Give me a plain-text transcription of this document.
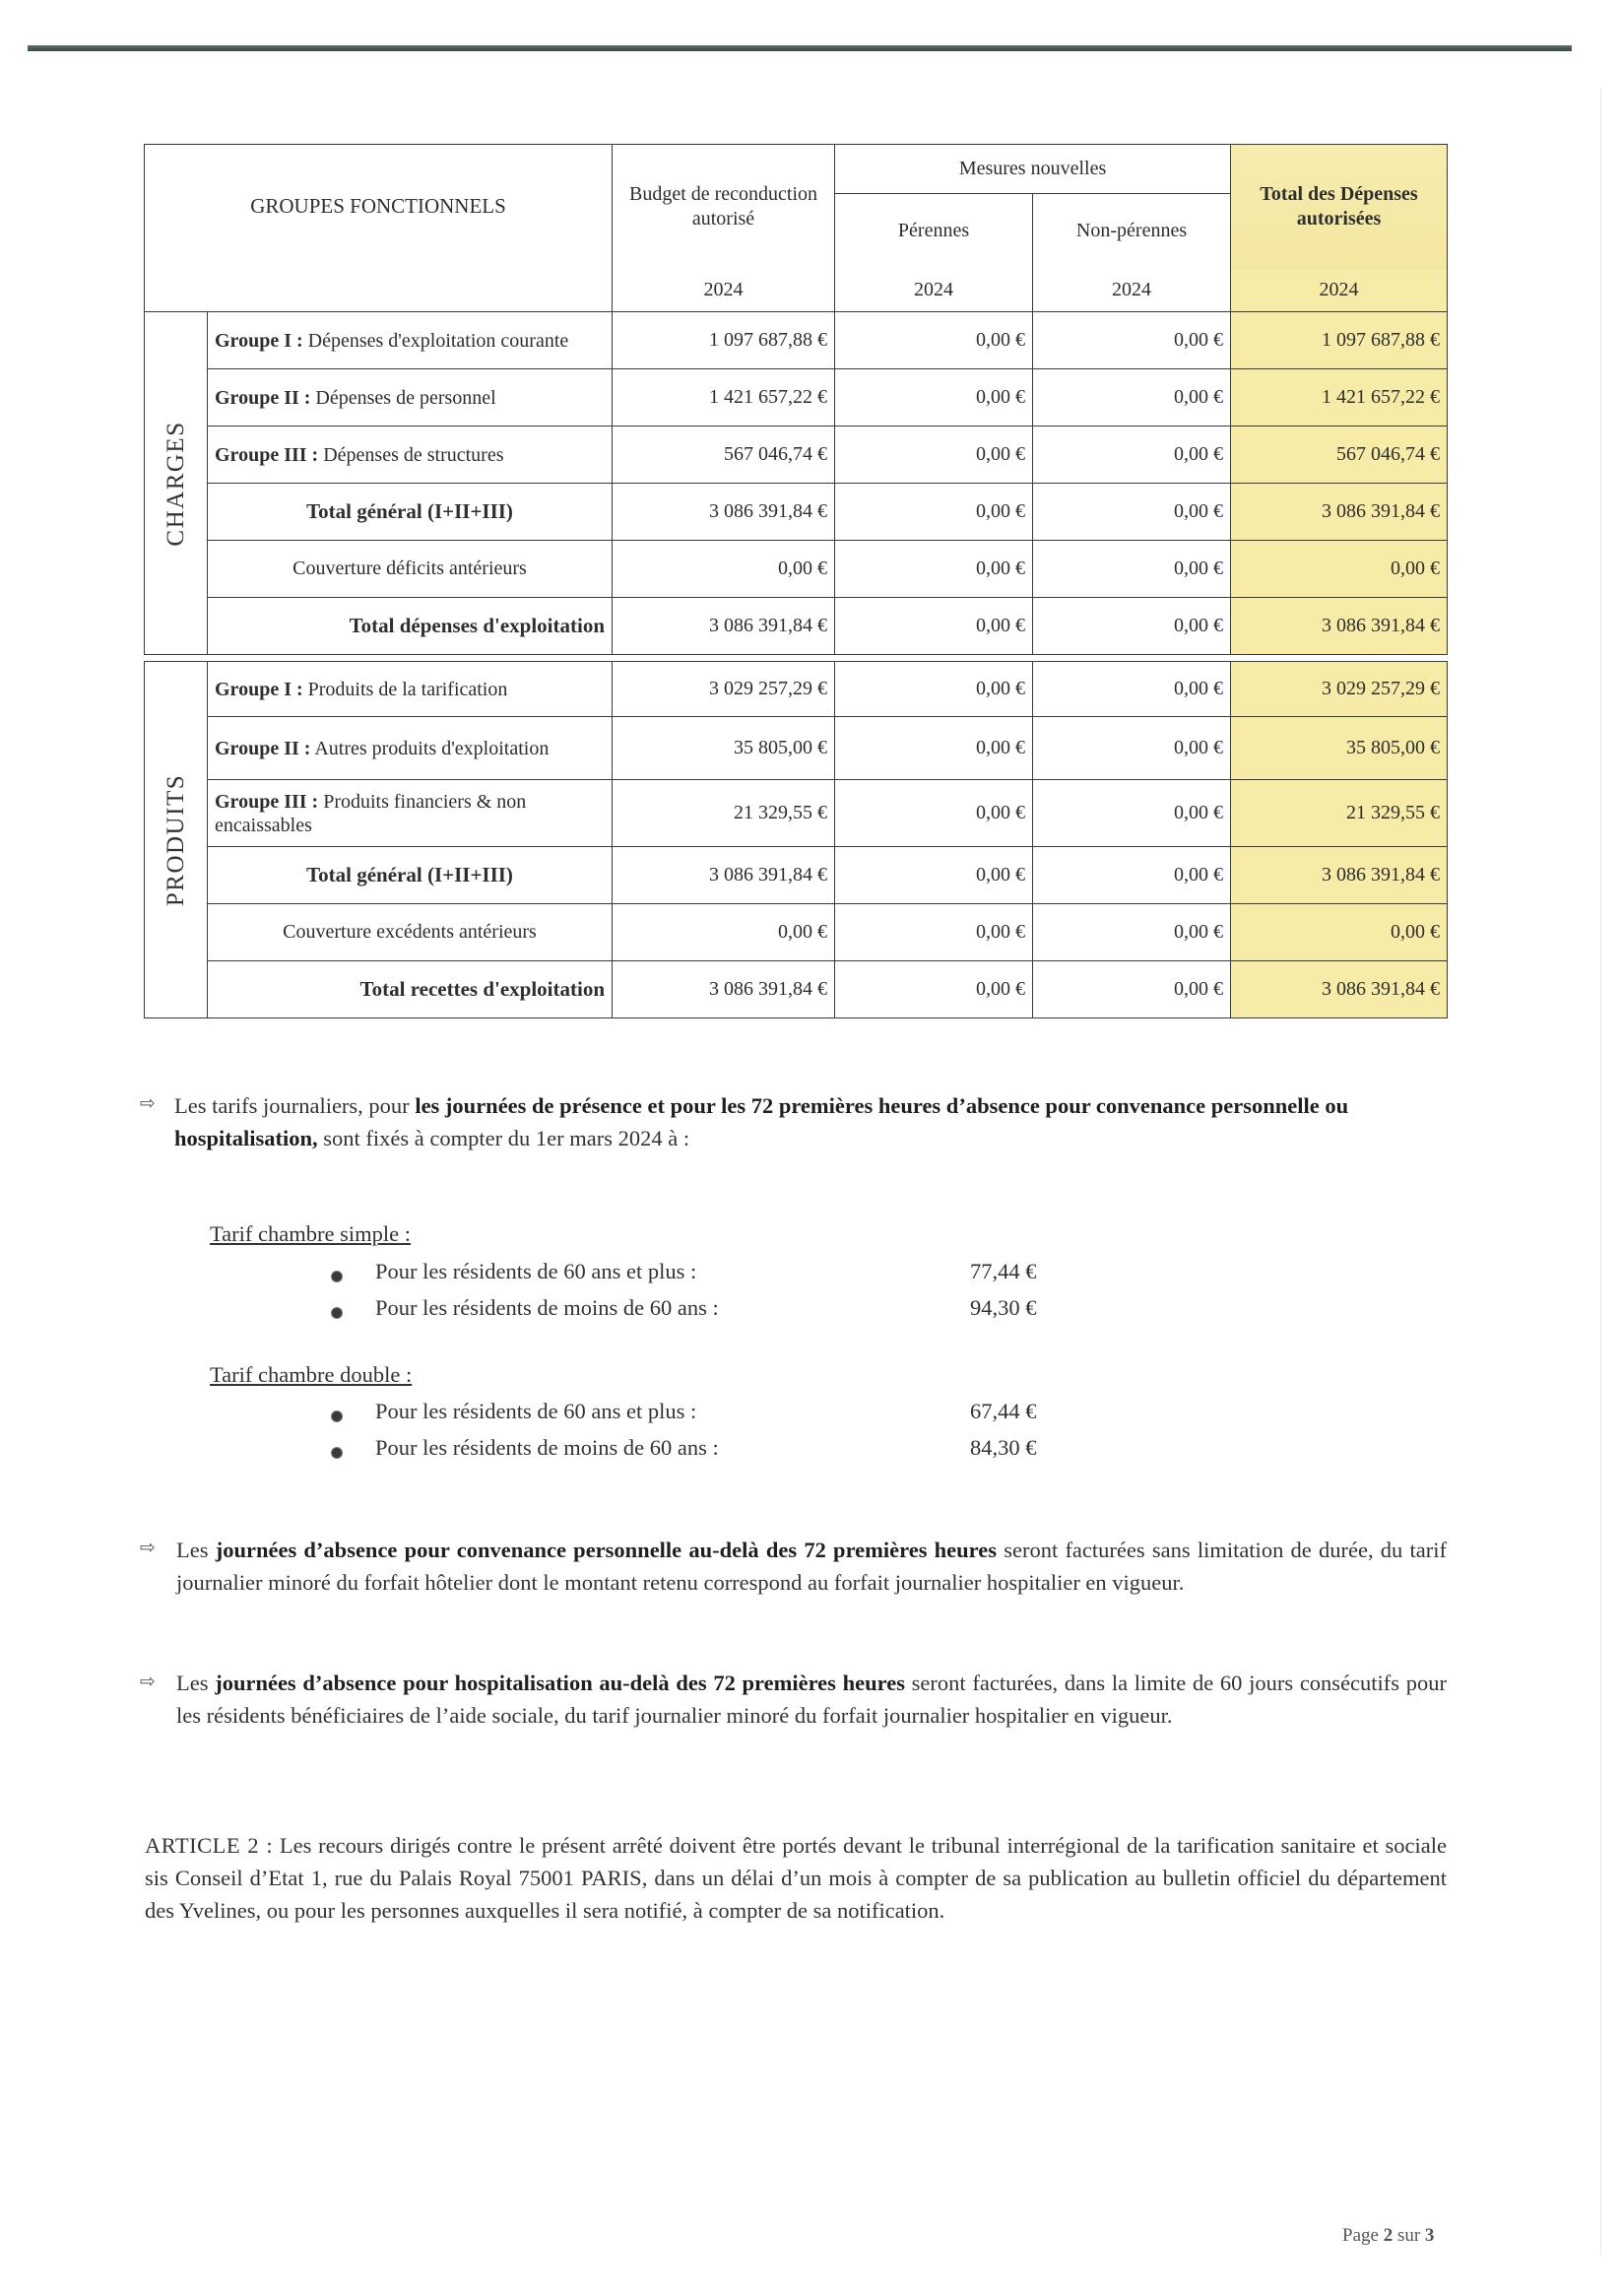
GROUPES FONCTIONNELS		Budget de reconduction autorisé	Mesures nouvelles		Total des Dépenses autorisées
			Pérennes	Non-pérennes	
		2024	2024	2024	2024

CHARGES	Groupe I : Dépenses d'exploitation courante	1 097 687,88 €	0,00 €	0,00 €	1 097 687,88 €
	Groupe II : Dépenses de personnel	1 421 657,22 €	0,00 €	0,00 €	1 421 657,22 €
	Groupe III : Dépenses de structures	567 046,74 €	0,00 €	0,00 €	567 046,74 €
	Total général (I+II+III)	3 086 391,84 €	0,00 €	0,00 €	3 086 391,84 €
	Couverture déficits antérieurs	0,00 €	0,00 €	0,00 €	0,00 €
	Total dépenses d'exploitation	3 086 391,84 €	0,00 €	0,00 €	3 086 391,84 €

PRODUITS	Groupe I : Produits de la tarification	3 029 257,29 €	0,00 €	0,00 €	3 029 257,29 €
	Groupe II : Autres produits d'exploitation	35 805,00 €	0,00 €	0,00 €	35 805,00 €
	Groupe III : Produits financiers & non encaissables	21 329,55 €	0,00 €	0,00 €	21 329,55 €
	Total général (I+II+III)	3 086 391,84 €	0,00 €	0,00 €	3 086 391,84 €
	Couverture excédents antérieurs	0,00 €	0,00 €	0,00 €	0,00 €
	Total recettes d'exploitation	3 086 391,84 €	0,00 €	0,00 €	3 086 391,84 €
⇨ Les tarifs journaliers, pour les journées de présence et pour les 72 premières heures d’absence pour convenance personnelle ou hospitalisation, sont fixés à compter du 1er mars 2024 à :
Tarif chambre simple :
Pour les résidents de 60 ans et plus :	77,44 €
Pour les résidents de moins de 60 ans :	94,30 €
Tarif chambre double :
Pour les résidents de 60 ans et plus :	67,44 €
Pour les résidents de moins de 60 ans :	84,30 €
⇨ Les journées d’absence pour convenance personnelle au-delà des 72 premières heures seront facturées sans limitation de durée, du tarif journalier minoré du forfait hôtelier dont le montant retenu correspond au forfait journalier hospitalier en vigueur.
⇨ Les journées d’absence pour hospitalisation au-delà des 72 premières heures seront facturées, dans la limite de 60 jours consécutifs pour les résidents bénéficiaires de l’aide sociale, du tarif journalier minoré du forfait journalier hospitalier en vigueur.
ARTICLE 2 : Les recours dirigés contre le présent arrêté doivent être portés devant le tribunal interrégional de la tarification sanitaire et sociale sis Conseil d’Etat 1, rue du Palais Royal 75001 PARIS, dans un délai d’un mois à compter de sa publication au bulletin officiel du département des Yvelines, ou pour les personnes auxquelles il sera notifié, à compter de sa notification.
Page 2 sur 3
